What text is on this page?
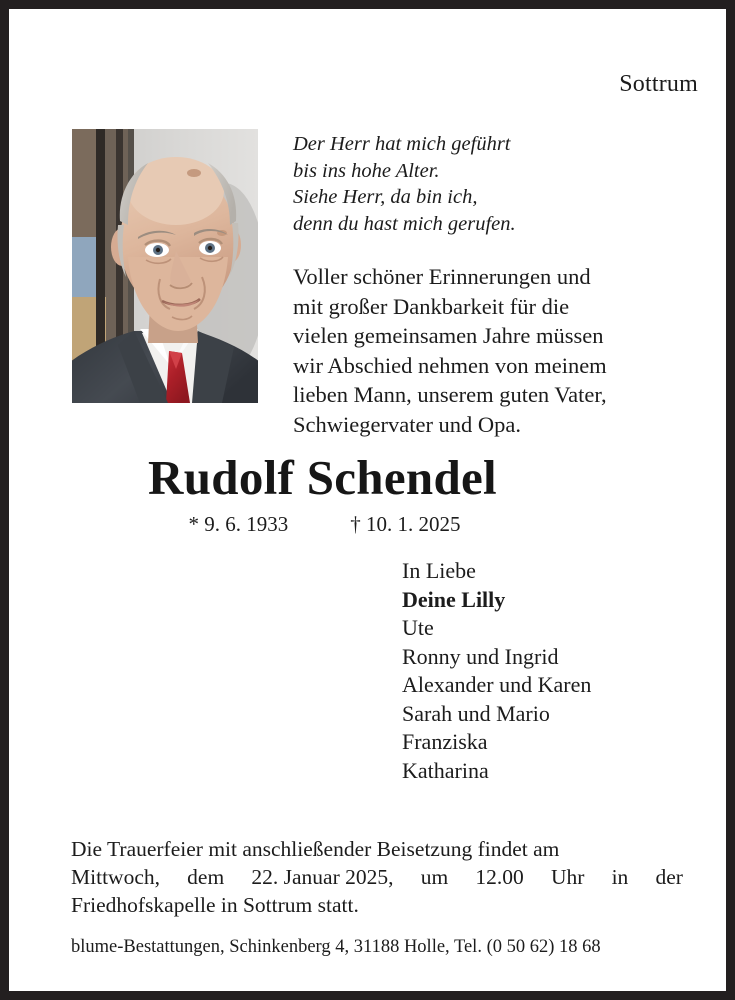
Sottrum
Der Herr hat mich geführt
bis ins hohe Alter.
Siehe Herr, da bin ich,
denn du hast mich gerufen.
Voller schöner Erinnerungen und
mit großer Dankbarkeit für die
vielen gemeinsamen Jahre müssen
wir Abschied nehmen von meinem
lieben Mann, unserem guten Vater,
Schwiegervater und Opa.
Rudolf Schendel
* 9. 6. 1933	† 10. 1. 2025
In Liebe
Deine Lilly
Ute
Ronny und Ingrid
Alexander und Karen
Sarah und Mario
Franziska
Katharina
Die Trauerfeier mit anschließender Beisetzung findet am
Mittwoch, dem 22. Januar 2025, um 12.00 Uhr in der
Friedhofskapelle in Sottrum statt.
blume-Bestattungen, Schinkenberg 4, 31188 Holle, Tel. (0 50 62) 18 68
